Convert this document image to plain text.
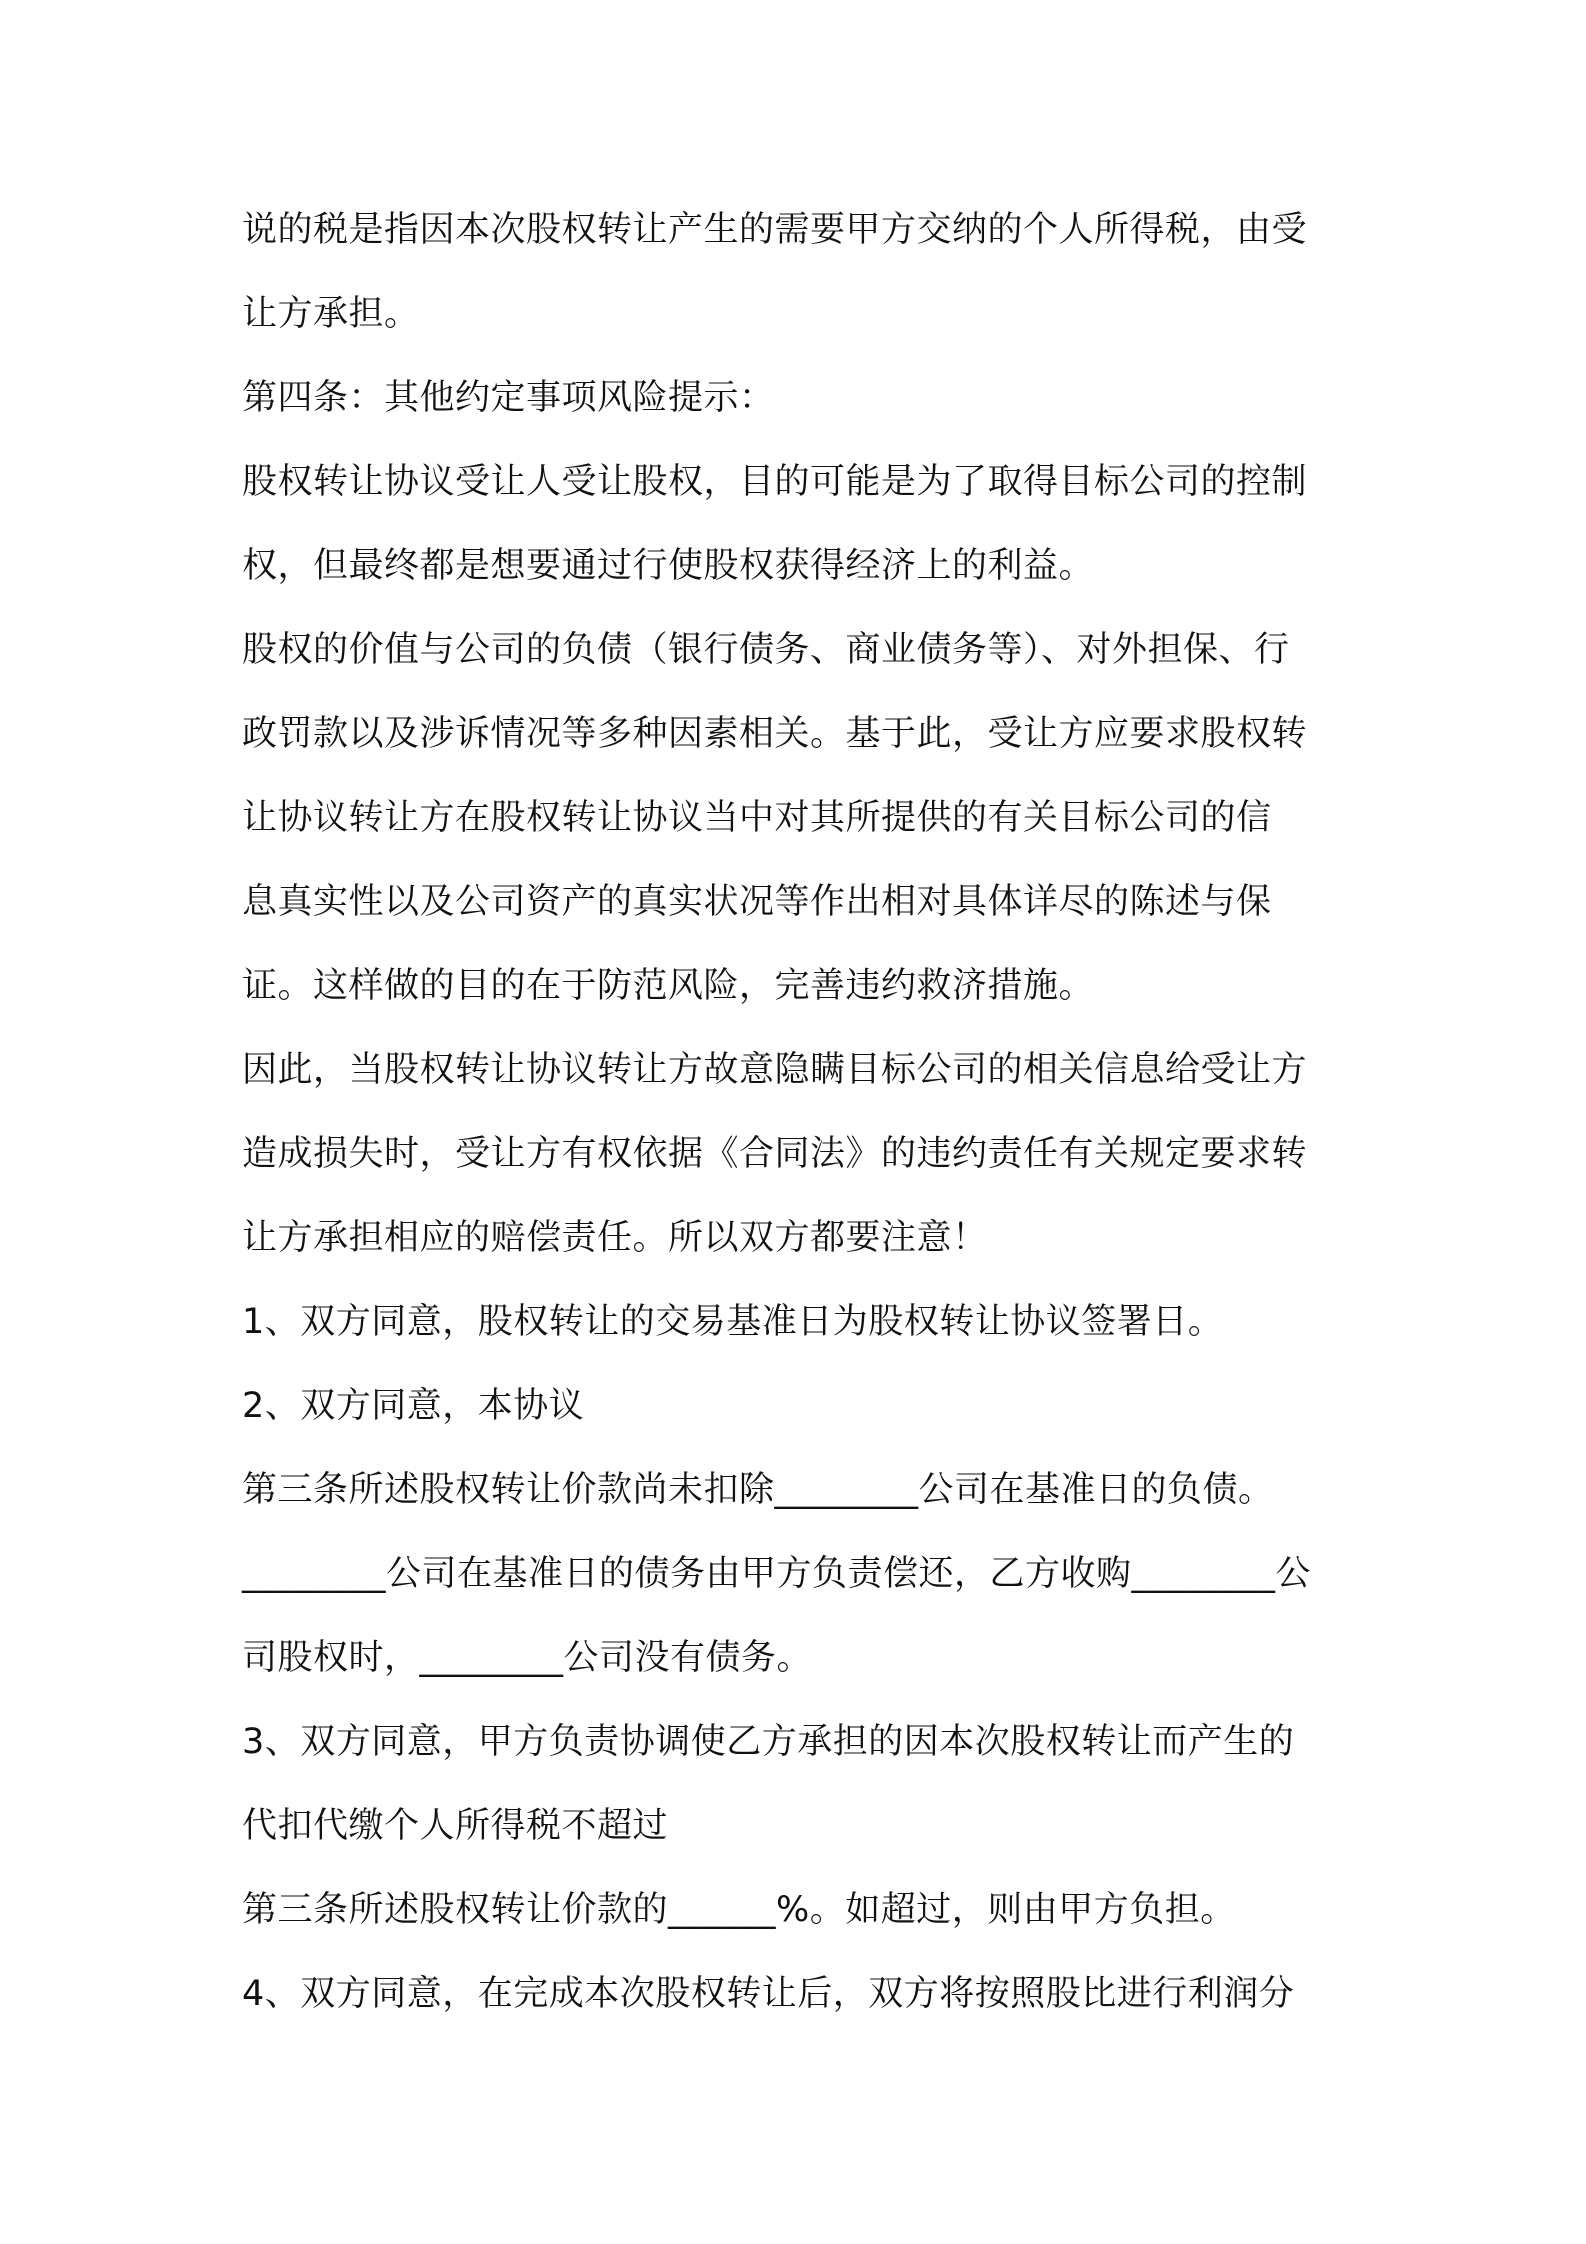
说的税是指因本次股权转让产生的需要甲方交纳的个人所得税，由受
让方承担。
第四条：其他约定事项风险提示：
股权转让协议受让人受让股权，目的可能是为了取得目标公司的控制
权，但最终都是想要通过行使股权获得经济上的利益。
股权的价值与公司的负债（银行债务、商业债务等）、对外担保、行
政罚款以及涉诉情况等多种因素相关。基于此，受让方应要求股权转
让协议转让方在股权转让协议当中对其所提供的有关目标公司的信
息真实性以及公司资产的真实状况等作出相对具体详尽的陈述与保
证。这样做的目的在于防范风险，完善违约救济措施。
因此，当股权转让协议转让方故意隐瞒目标公司的相关信息给受让方
造成损失时，受让方有权依据《合同法》的违约责任有关规定要求转
让方承担相应的赔偿责任。所以双方都要注意！
1、双方同意，股权转让的交易基准日为股权转让协议签署日。
2、双方同意，本协议
第三条所述股权转让价款尚未扣除________公司在基准日的负债。
________公司在基准日的债务由甲方负责偿还，乙方收购________公
司股权时，________公司没有债务。
3、双方同意，甲方负责协调使乙方承担的因本次股权转让而产生的
代扣代缴个人所得税不超过
第三条所述股权转让价款的______%。如超过，则由甲方负担。
4、双方同意，在完成本次股权转让后，双方将按照股比进行利润分
